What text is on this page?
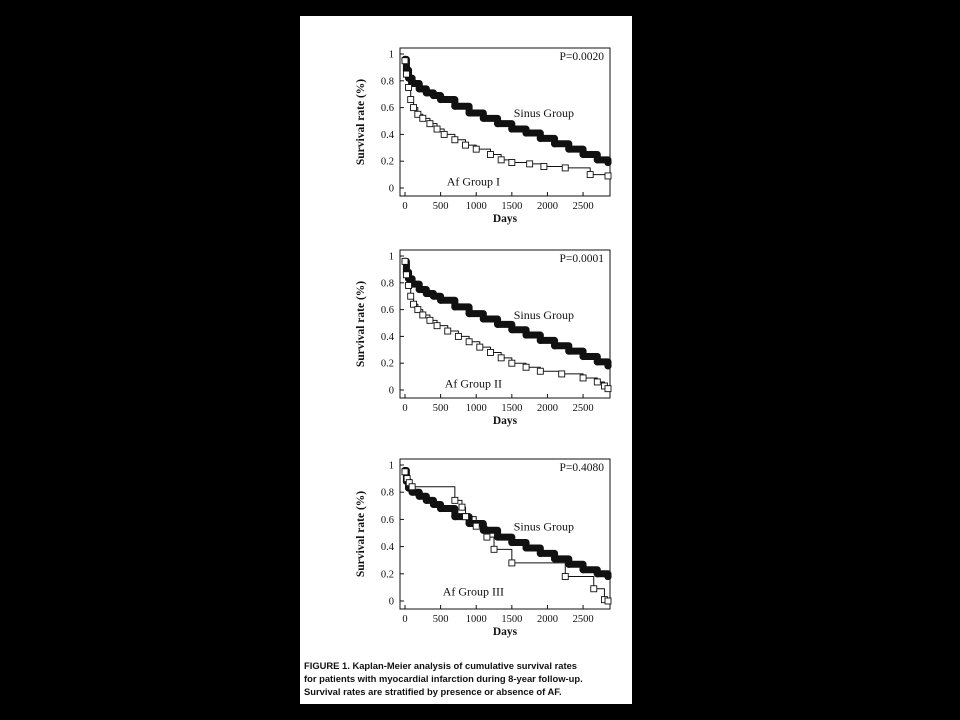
0
0.2
0.4
0.6
0.8
1
0 500 1000 1500 2000 2500
Days
Survival rate (%)
P=0.0020
Sinus Group
Af Group I
0
0.2
0.4
0.6
0.8
1
0 500 1000 1500 2000 2500
Days
Survival rate (%)
P=0.0001
Sinus Group
Af Group II
0
0.2
0.4
0.6
0.8
1
0 500 1000 1500 2000 2500
Days
Survival rate (%)
P=0.4080
Sinus Group
Af Group III
FIGURE 1. Kaplan-Meier analysis of cumulative survival rates
for patients with myocardial infarction during 8-year follow-up.
Survival rates are stratified by presence or absence of AF.
